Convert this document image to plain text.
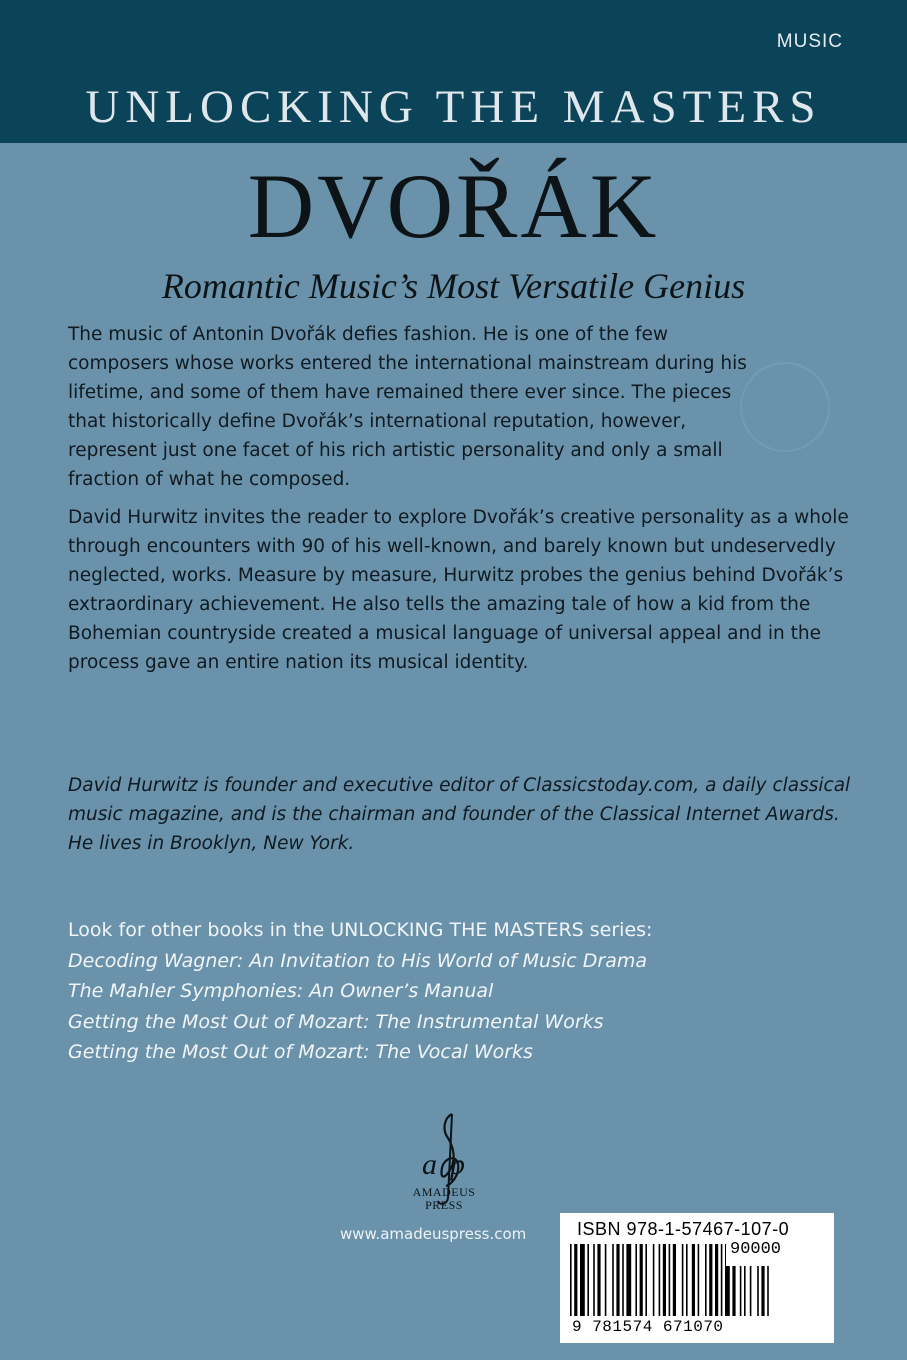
MUSIC
UNLOCKING THE MASTERS
DVOŘÁK
Romantic Music’s Most Versatile Genius

The music of Antonin Dvořák defies fashion. He is one of the few composers whose works entered the international mainstream during his lifetime, and some of them have remained there ever since. The pieces that historically define Dvořák’s international reputation, however, represent just one facet of his rich artistic personality and only a small fraction of what he composed.

David Hurwitz invites the reader to explore Dvořák’s creative personality as a whole through encounters with 90 of his well-known, and barely known but undeservedly neglected, works. Measure by measure, Hurwitz probes the genius behind Dvořák’s extraordinary achievement. He also tells the amazing tale of how a kid from the Bohemian countryside created a musical language of universal appeal and in the process gave an entire nation its musical identity.

David Hurwitz is founder and executive editor of Classicstoday.com, a daily classical music magazine, and is the chairman and founder of the Classical Internet Awards. He lives in Brooklyn, New York.

Look for other books in the UNLOCKING THE MASTERS series:
Decoding Wagner: An Invitation to His World of Music Drama
The Mahler Symphonies: An Owner’s Manual
Getting the Most Out of Mozart: The Instrumental Works
Getting the Most Out of Mozart: The Vocal Works
a p
AMADEUS
PRESS
www.amadeuspress.com	ISBN 978-1-57467-107-0
90000
9 781574 671070
